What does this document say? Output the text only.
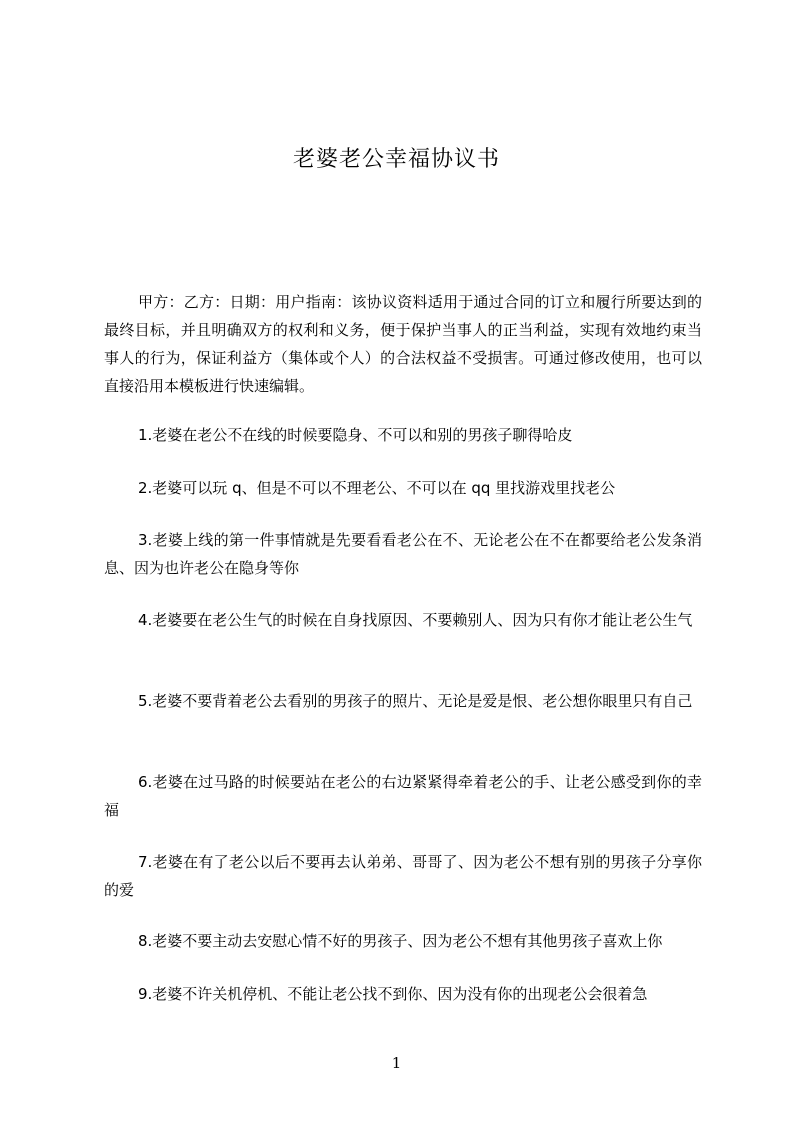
老婆老公幸福协议书
甲方：乙方：日期：用户指南：该协议资料适用于通过合同的订立和履行所要达到的最终目标，并且明确双方的权利和义务，便于保护当事人的正当利益，实现有效地约束当事人的行为，保证利益方（集体或个人）的合法权益不受损害。可通过修改使用，也可以直接沿用本模板进行快速编辑。
1.老婆在老公不在线的时候要隐身、不可以和别的男孩子聊得哈皮
2.老婆可以玩 q、但是不可以不理老公、不可以在 qq 里找游戏里找老公
3.老婆上线的第一件事情就是先要看看老公在不、无论老公在不在都要给老公发条消息、因为也许老公在隐身等你
4.老婆要在老公生气的时候在自身找原因、不要赖别人、因为只有你才能让老公生气
5.老婆不要背着老公去看别的男孩子的照片、无论是爱是恨、老公想你眼里只有自己
6.老婆在过马路的时候要站在老公的右边紧紧得牵着老公的手、让老公感受到你的幸福
7.老婆在有了老公以后不要再去认弟弟、哥哥了、因为老公不想有别的男孩子分享你的爱
8.老婆不要主动去安慰心情不好的男孩子、因为老公不想有其他男孩子喜欢上你
9.老婆不许关机停机、不能让老公找不到你、因为没有你的出现老公会很着急
1
